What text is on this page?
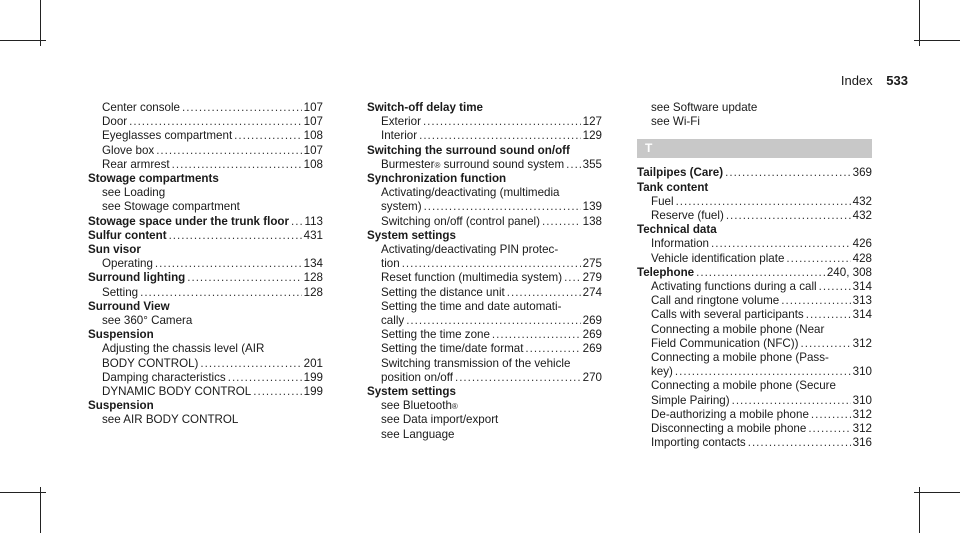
Index 533
Center console .....	107
Door .....	107
Eyeglasses compartment .....	108
Glove box .....	107
Rear armrest .....	108
Stowage compartments
see Loading
see Stowage compartment
Stowage space under the trunk floor ..... 113
Sulfur content .....	431
Sun visor
Operating .....	134
Surround lighting .....	128
Setting .....	128
Surround View
see 360° Camera
Suspension
Adjusting the chassis level (AIR
BODY CONTROL) .....	201
Damping characteristics .....	199
DYNAMIC BODY CONTROL .....	199
Suspension
see AIR BODY CONTROL
Switch-off delay time
Exterior .....	127
Interior .....	129
Switching the surround sound on/off
Burmester ® surround sound system ..... 355
Synchronization function
Activating/deactivating (multimedia
system) .....	139
Switching on/off (control panel) .....	138
System settings
Activating/deactivating PIN protec-
tion .....	275
Reset function (multimedia system) ..... 279
Setting the distance unit .....	274
Setting the time and date automati-
cally .....	269
Setting the time zone .....	269
Setting the time/date format .....	269
Switching transmission of the vehicle
position on/off .....	270
System settings
see Bluetooth ®
see Data import/export
see Language
see Software update
see Wi-Fi
T
Tailpipes (Care) .....	369
Tank content
Fuel .....	432
Reserve (fuel) .....	432
Technical data
Information .....	426
Vehicle identification plate .....	428
Telephone .....	240, 308
Activating functions during a call .....	314
Call and ringtone volume .....	313
Calls with several participants .....	314
Connecting a mobile phone (Near
Field Communication (NFC)) .....	312
Connecting a mobile phone (Pass-
key) .....	310
Connecting a mobile phone (Secure
Simple Pairing) .....	310
De-authorizing a mobile phone .....	312
Disconnecting a mobile phone .....	312
Importing contacts .....	316
